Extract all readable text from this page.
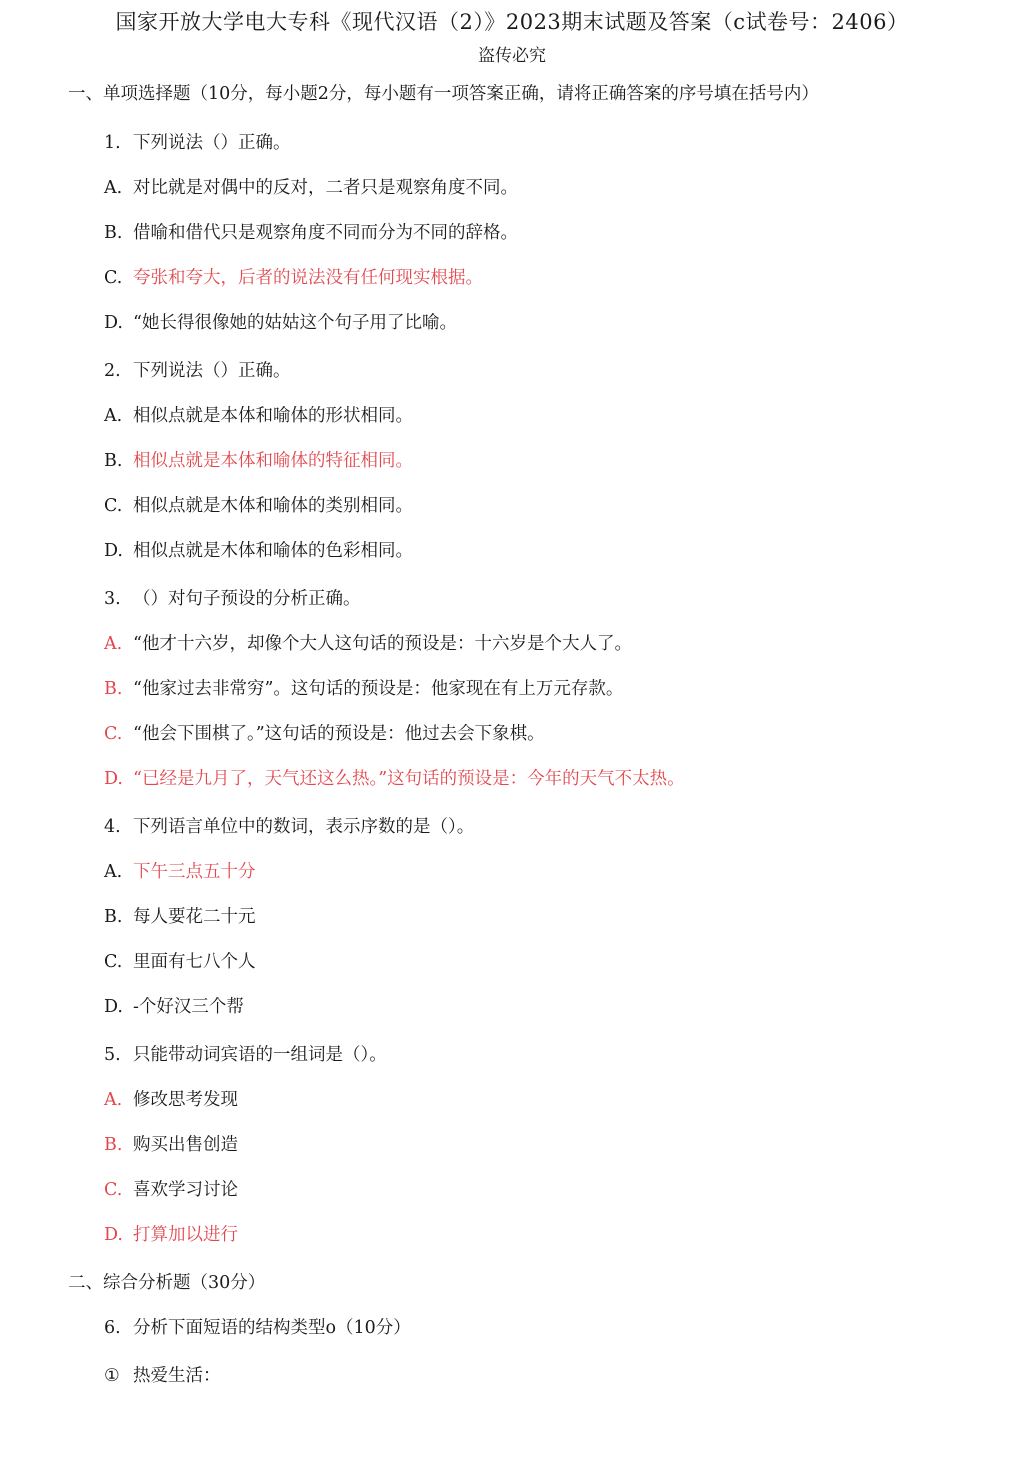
国家开放大学电大专科《现代汉语（2）》2023期末试题及答案（c试卷号：2406）
盗传必究
一、单项选择题（10分，每小题2分，每小题有一项答案正确，请将正确答案的序号填在括号内）
1. 下列说法（）正确。
A. 对比就是对偶中的反对，二者只是观察角度不同。
B. 借喻和借代只是观察角度不同而分为不同的辞格。
C. 夸张和夸大，后者的说法没有任何现实根据。
D. “她长得很像她的姑姑这个句子用了比喻。
2. 下列说法（）正确。
A. 相似点就是本体和喻体的形状相同。
B. 相似点就是本体和喻体的特征相同。
C. 相似点就是木体和喻体的类别相同。
D. 相似点就是木体和喻体的色彩相同。
3. （）对句子预设的分析正确。
A. “他才十六岁，却像个大人这句话的预设是：十六岁是个大人了。
B. “他家过去非常穷”。这句话的预设是：他家现在有上万元存款。
C. “他会下围棋了。”这句话的预设是：他过去会下象棋。
D. “已经是九月了，天气还这么热。”这句话的预设是：今年的天气不太热。
4. 下列语言单位中的数词，表示序数的是（）。
A. 下午三点五十分
B. 每人要花二十元
C. 里面有七八个人
D. -个好汉三个帮
5. 只能带动词宾语的一组词是（）。
A. 修改思考发现
B. 购买出售创造
C. 喜欢学习讨论
D. 打算加以进行
二、综合分析题（30分）
6. 分析下面短语的结构类型o（10分）
① 热爱生活：
